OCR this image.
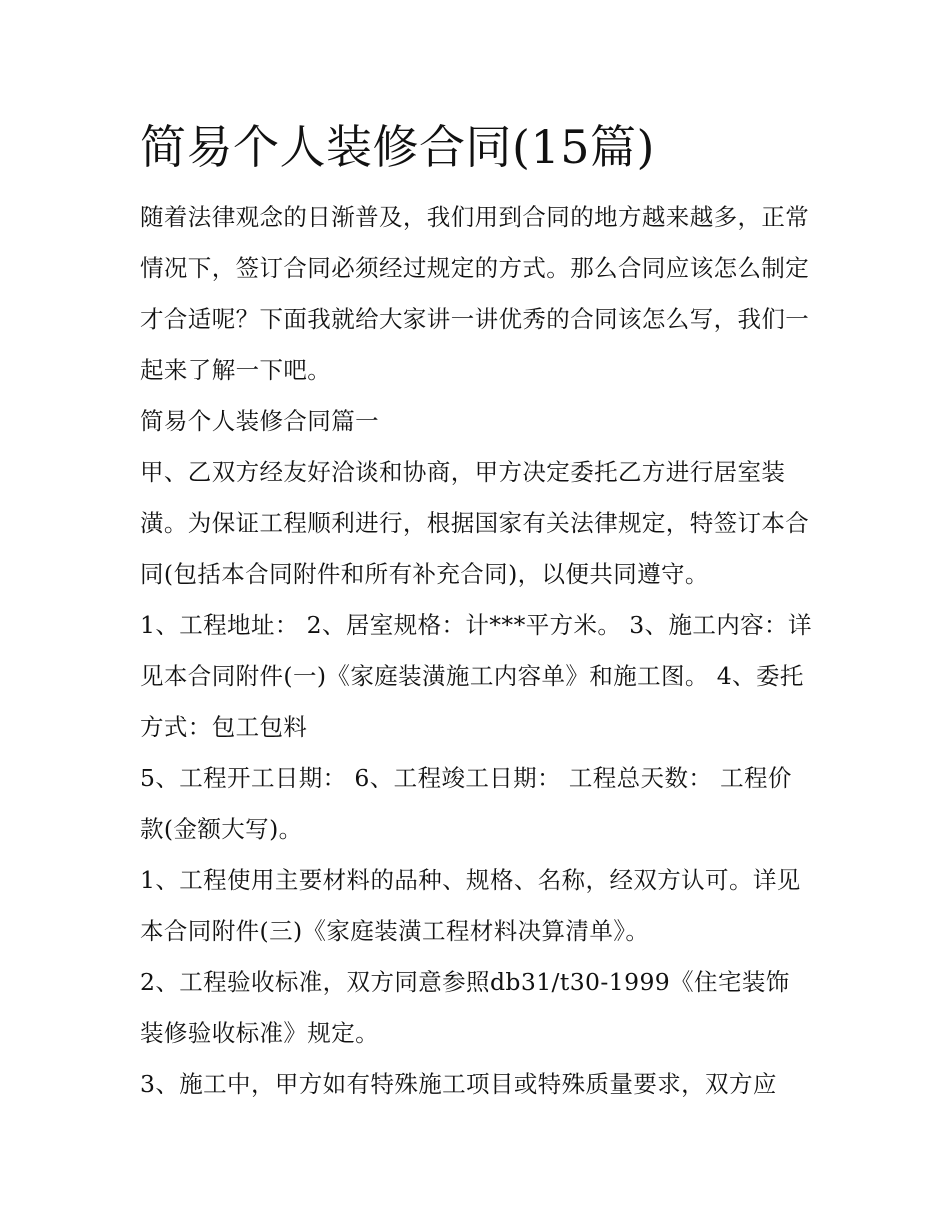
简易个人装修合同(15篇)

随着法律观念的日渐普及，我们用到合同的地方越来越多，正常情况下，签订合同必须经过规定的方式。那么合同应该怎么制定才合适呢？下面我就给大家讲一讲优秀的合同该怎么写，我们一起来了解一下吧。

简易个人装修合同篇一

甲、乙双方经友好洽谈和协商，甲方决定委托乙方进行居室装潢。为保证工程顺利进行，根据国家有关法律规定，特签订本合同(包括本合同附件和所有补充合同)，以便共同遵守。

1、工程地址： 2、居室规格：计***平方米。 3、施工内容：详见本合同附件(一)《家庭装潢施工内容单》和施工图。 4、委托方式：包工包料

5、工程开工日期： 6、工程竣工日期： 工程总天数： 工程价款(金额大写)。

1、工程使用主要材料的品种、规格、名称，经双方认可。详见本合同附件(三)《家庭装潢工程材料决算清单》。

2、工程验收标准，双方同意参照db31/t30-1999《住宅装饰装修验收标准》规定。

3、施工中，甲方如有特殊施工项目或特殊质量要求，双方应
